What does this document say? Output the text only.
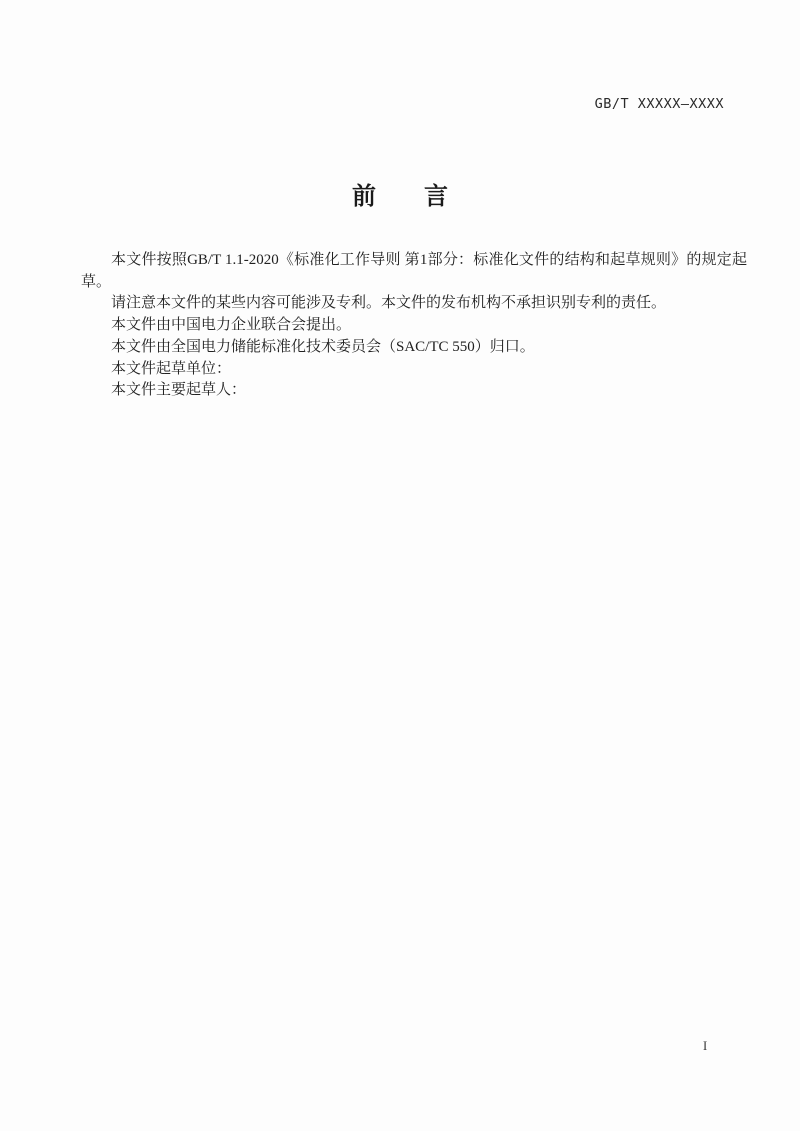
GB/T XXXXX—XXXX
前　　言

本文件按照GB/T 1.1-2020《标准化工作导则 第1部分：标准化文件的结构和起草规则》的规定起草。

请注意本文件的某些内容可能涉及专利。本文件的发布机构不承担识别专利的责任。

本文件由中国电力企业联合会提出。

本文件由全国电力储能标准化技术委员会（SAC/TC 550）归口。

本文件起草单位：

本文件主要起草人：

I
